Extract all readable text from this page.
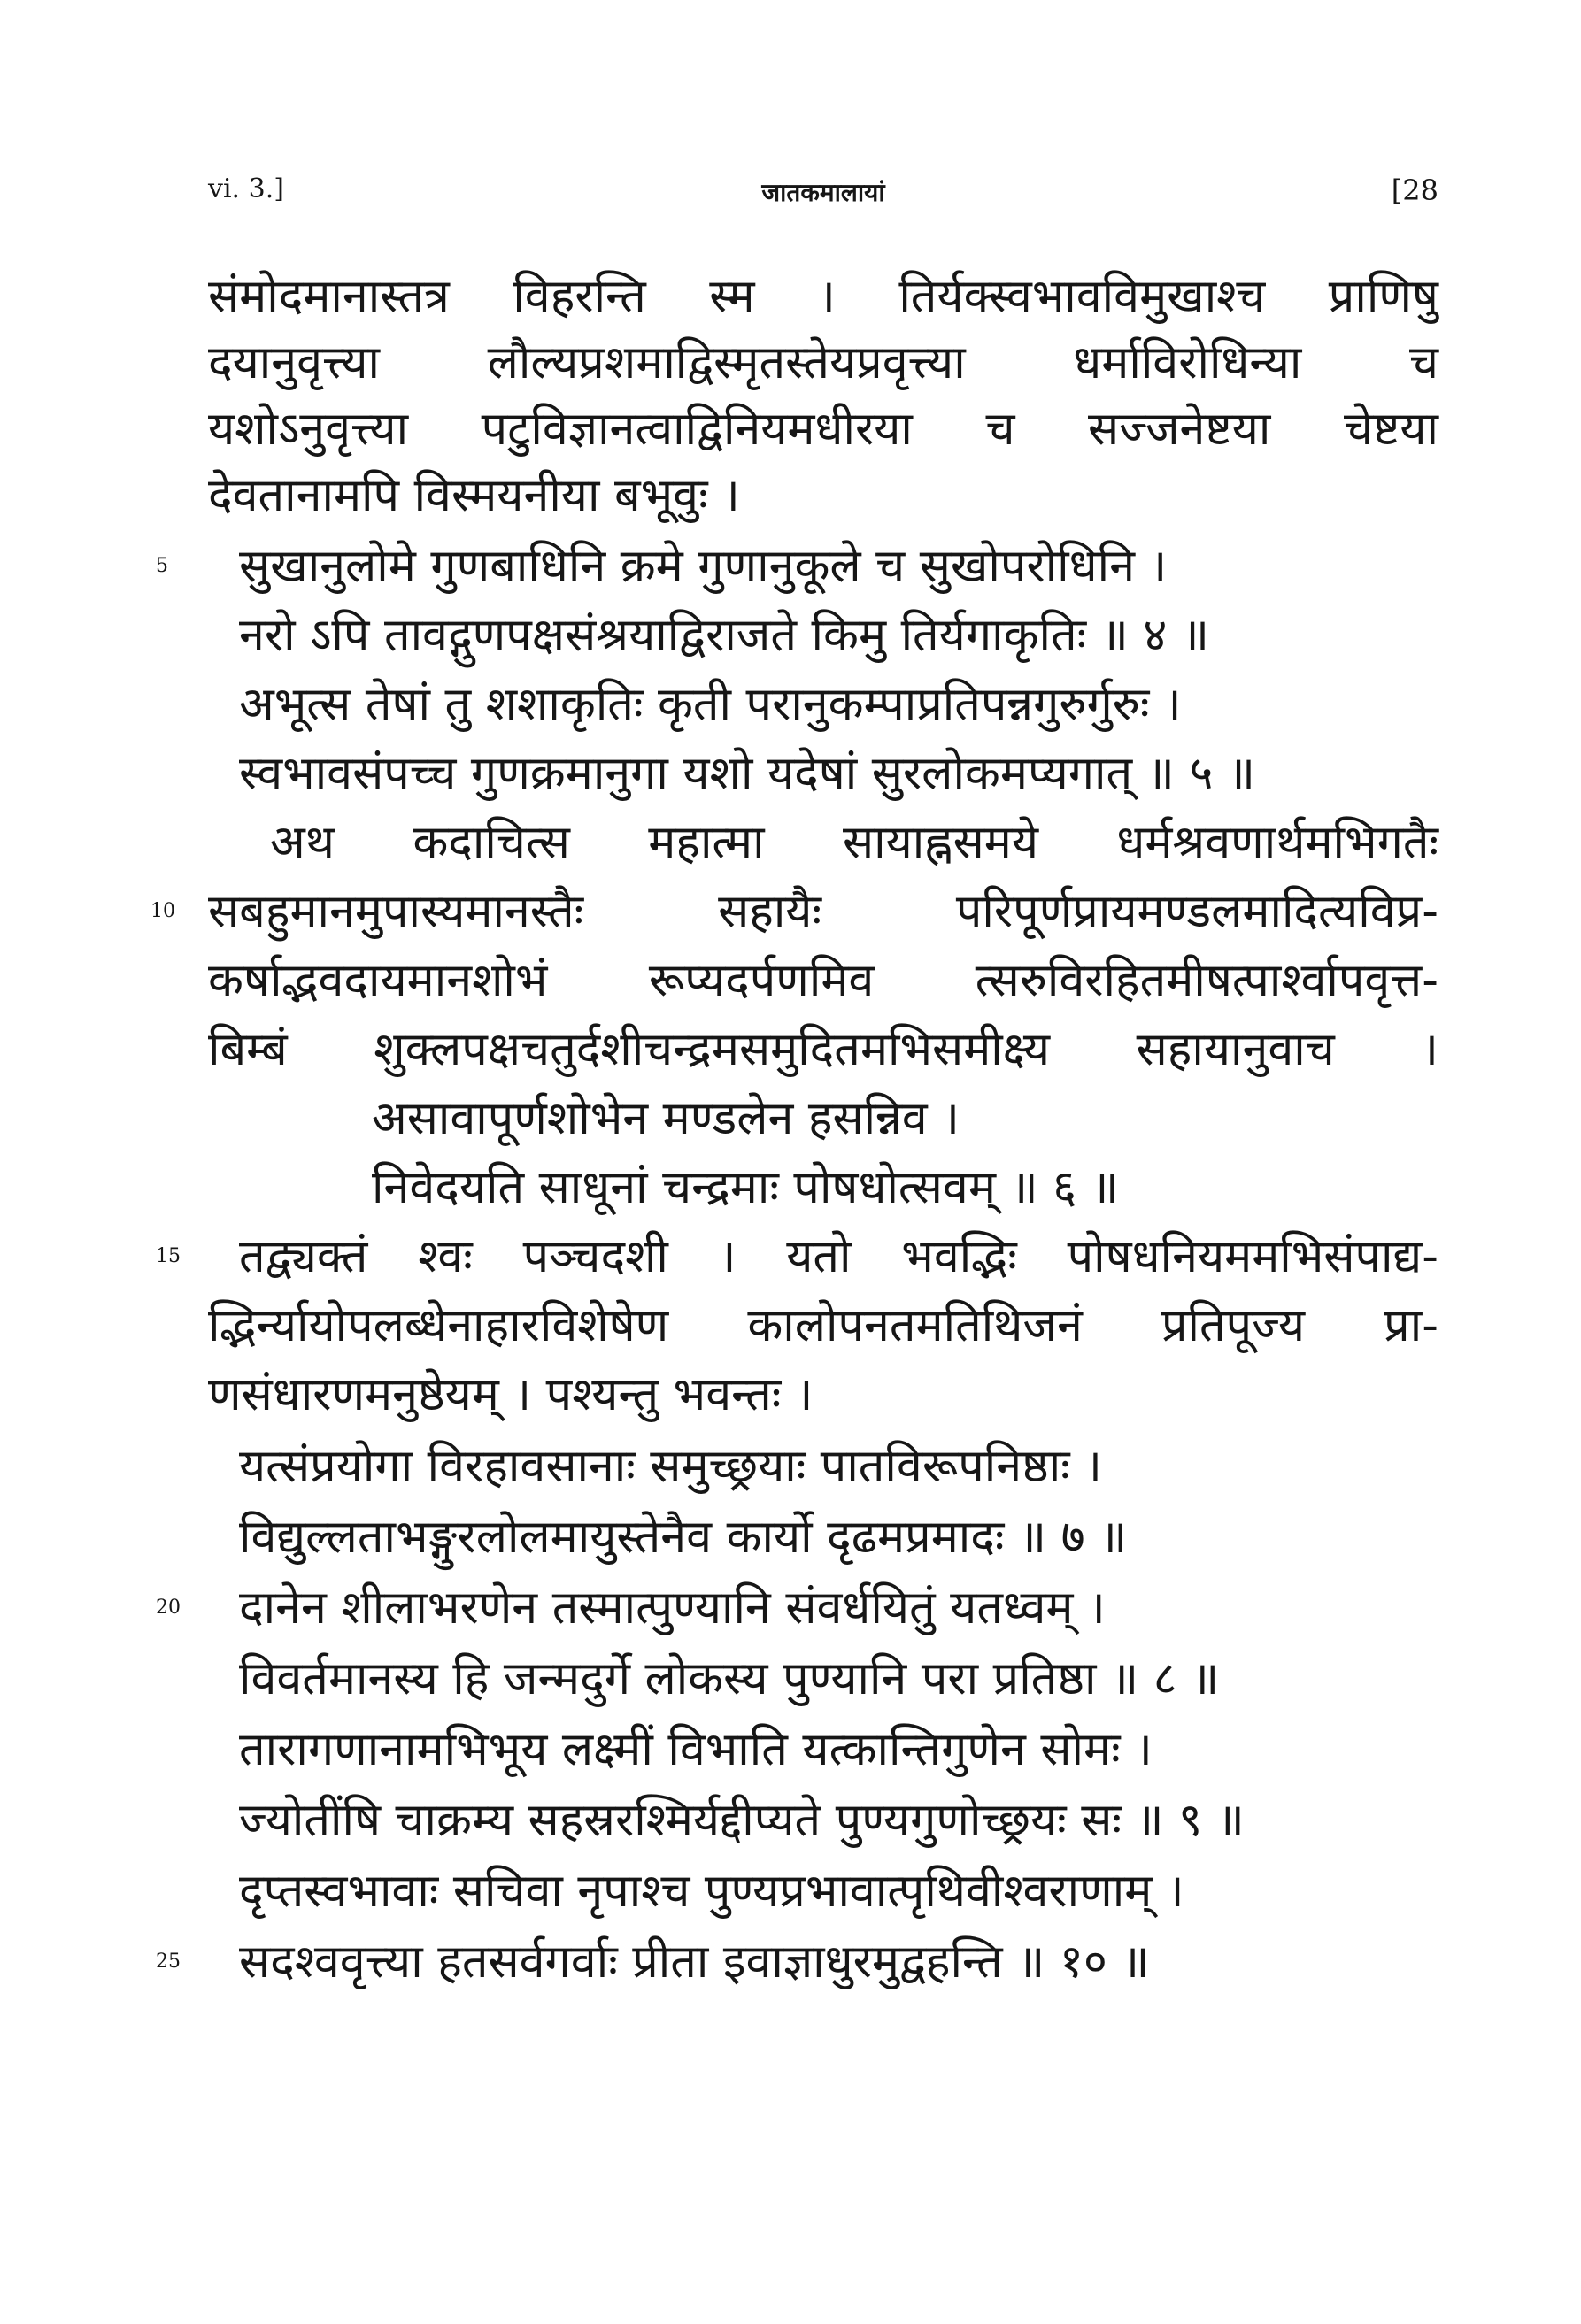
vi. 3.]	जातकमालायां	[28
संमोदमानास्तत्र विहरन्ति स्म । तिर्यक्स्वभावविमुखाश्च प्राणिषु
दयानुवृत्त्या लौल्यप्रशमाद्विस्मृतस्तेयप्रवृत्त्या धर्माविरोधिन्या च
यशोऽनुवृत्त्या पटुविज्ञानत्वाद्विनियमधीरया च सज्जनेष्टया चेष्टया
देवतानामपि विस्मयनीया बभूवुः ।
सुखानुलोमे गुणबाधिनि क्रमे गुणानुकूले च सुखोपरोधिनि ।
नरो ऽपि तावद्गुणपक्षसंश्रयाद्विराजते किमु तिर्यगाकृतिः ॥ ४ ॥
अभूत्स तेषां तु शशाकृतिः कृती परानुकम्पाप्रतिपन्नगुरुर्गुरुः ।
स्वभावसंपच्च गुणक्रमानुगा यशो यदेषां सुरलोकमप्यगात् ॥ ५ ॥
अथ कदाचित्स महात्मा सायाह्नसमये धर्मश्रवणार्थमभिगतैः
सबहुमानमुपास्यमानस्तैः सहायैः परिपूर्णप्रायमण्डलमादित्यविप्र-
कर्षाद्भवदायमानशोभं रूप्यदर्पणमिव त्सरुविरहितमीषत्पार्श्वापवृत्त-
बिम्बं शुक्लपक्षचतुर्दशीचन्द्रमसमुदितमभिसमीक्ष्य सहायानुवाच ।
असावापूर्णशोभेन मण्डलेन हसन्निव ।
निवेदयति साधूनां चन्द्रमाः पोषधोत्सवम् ॥ ६ ॥
तद्व्यक्तं श्वः पञ्चदशी । यतो भवद्भिः पोषधनियममभिसंपाद्य-
द्भिर्न्यायोपलब्धेनाहारविशेषेण कालोपनतमतिथिजनं प्रतिपूज्य प्रा-
णसंधारणमनुष्ठेयम् । पश्यन्तु भवन्तः ।
यत्संप्रयोगा विरहावसानाः समुच्छ्रयाः पातविरूपनिष्ठाः ।
विद्युल्लताभङ्गुरलोलमायुस्तेनैव कार्यो दृढमप्रमादः ॥ ७ ॥
दानेन शीलाभरणेन तस्मात्पुण्यानि संवर्धयितुं यतध्वम् ।
विवर्तमानस्य हि जन्मदुर्गे लोकस्य पुण्यानि परा प्रतिष्ठा ॥ ८ ॥
तारागणानामभिभूय लक्ष्मीं विभाति यत्कान्तिगुणेन सोमः ।
ज्योतींषि चाक्रम्य सहस्ररश्मिर्यद्दीप्यते पुण्यगुणोच्छ्रयः सः ॥ ९ ॥
दृप्तस्वभावाः सचिवा नृपाश्च पुण्यप्रभावात्पृथिवीश्वराणाम् ।
सदश्ववृत्त्या हतसर्वगर्वाः प्रीता इवाज्ञाधुरमुद्वहन्ति ॥ १० ॥
5
10
15
20
25
